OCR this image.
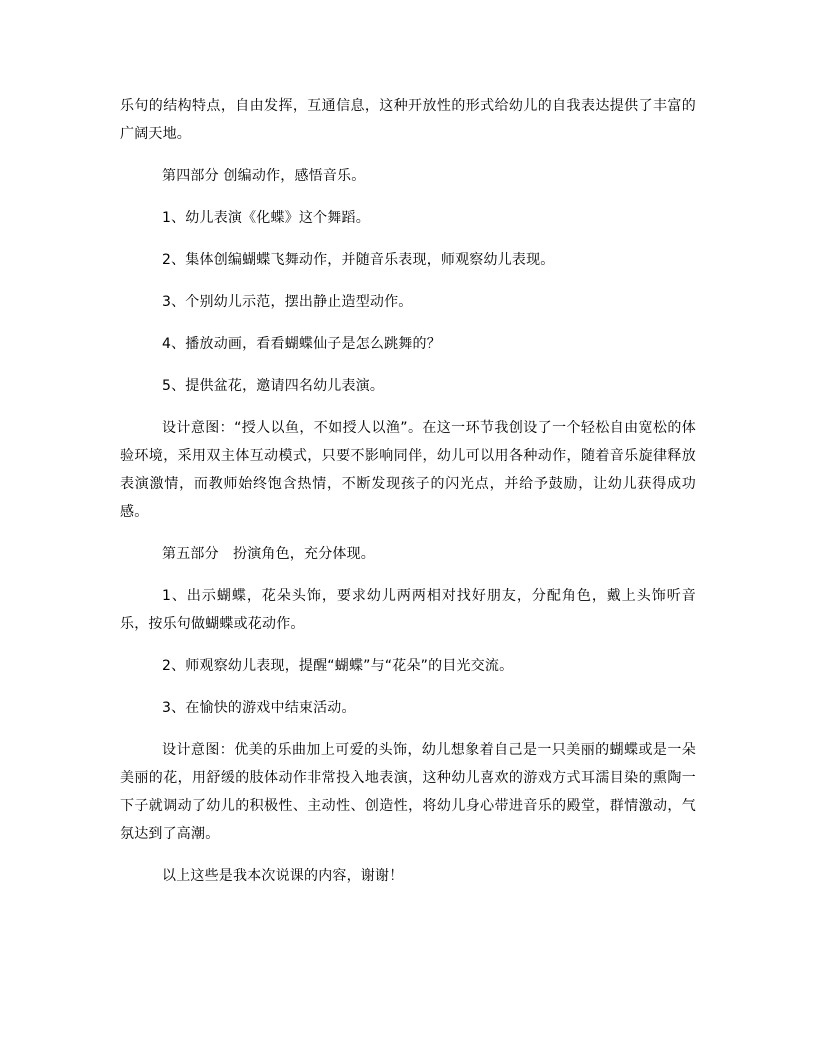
乐句的结构特点，自由发挥，互通信息，这种开放性的形式给幼儿的自我表达提供了丰富的广阔天地。

第四部分 创编动作，感悟音乐。

1、幼儿表演《化蝶》这个舞蹈。

2、集体创编蝴蝶飞舞动作，并随音乐表现，师观察幼儿表现。

3、个别幼儿示范，摆出静止造型动作。

4、播放动画，看看蝴蝶仙子是怎么跳舞的？

5、提供盆花，邀请四名幼儿表演。

设计意图：“授人以鱼，不如授人以渔”。在这一环节我创设了一个轻松自由宽松的体验环境，采用双主体互动模式，只要不影响同伴，幼儿可以用各种动作，随着音乐旋律释放表演激情，而教师始终饱含热情，不断发现孩子的闪光点，并给予鼓励，让幼儿获得成功感。

第五部分　扮演角色，充分体现。

1、出示蝴蝶，花朵头饰，要求幼儿两两相对找好朋友，分配角色，戴上头饰听音乐，按乐句做蝴蝶或花动作。

2、师观察幼儿表现，提醒“蝴蝶”与“花朵”的目光交流。

3、在愉快的游戏中结束活动。

设计意图：优美的乐曲加上可爱的头饰，幼儿想象着自己是一只美丽的蝴蝶或是一朵美丽的花，用舒缓的肢体动作非常投入地表演，这种幼儿喜欢的游戏方式耳濡目染的熏陶一下子就调动了幼儿的积极性、主动性、创造性，将幼儿身心带进音乐的殿堂，群情激动，气氛达到了高潮。

以上这些是我本次说课的内容，谢谢！
